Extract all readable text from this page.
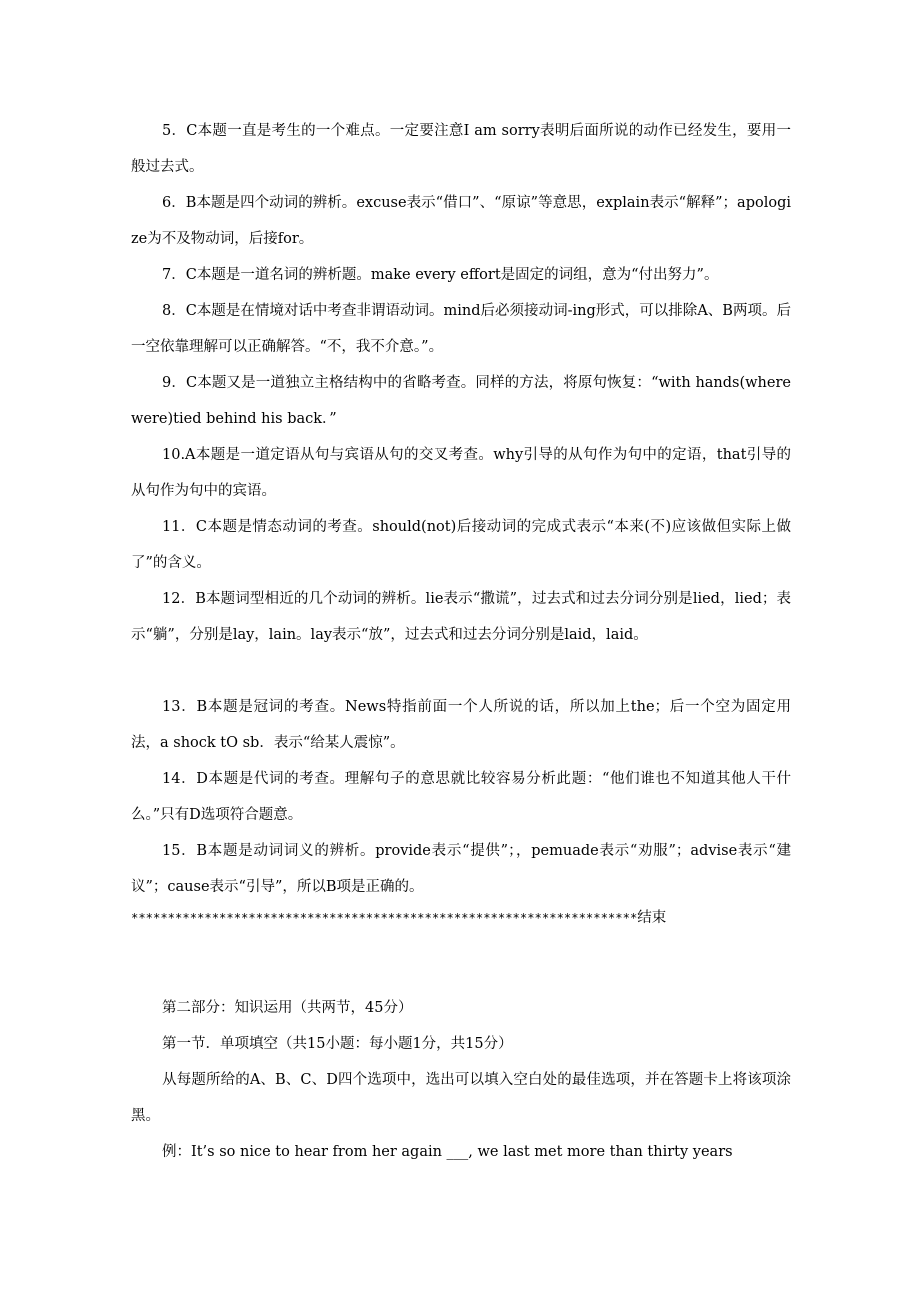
5．C本题一直是考生的一个难点。一定要注意I am sorry表明后面所说的动作已经发生，要用一般过去式。

6．B本题是四个动词的辨析。excuse表示“借口”、“原谅”等意思，explain表示“解释”；apologize为不及物动词，后接for。

7．C本题是一道名词的辨析题。make every effort是固定的词组，意为“付出努力”。

8．C本题是在情境对话中考查非谓语动词。mind后必须接动词-ing形式，可以排除A、B两项。后一空依靠理解可以正确解答。“不，我不介意。”。

9．C本题又是一道独立主格结构中的省略考查。同样的方法，将原句恢复：“with hands(where were)tied behind his back．”

10.A本题是一道定语从句与宾语从句的交叉考查。why引导的从句作为句中的定语，that引导的从句作为句中的宾语。

11．C本题是情态动词的考查。should(not)后接动词的完成式表示“本来(不)应该做但实际上做了”的含义。

12．B本题词型相近的几个动词的辨析。lie表示“撒谎”，过去式和过去分词分别是lied，lied；表示“躺”，分别是lay，lain。lay表示“放”，过去式和过去分词分别是laid，laid。

13．B本题是冠词的考查。News特指前面一个人所说的话，所以加上the；后一个空为固定用法，a shock tO sb．表示“给某人震惊”。

14．D本题是代词的考查。理解句子的意思就比较容易分析此题：“他们谁也不知道其他人干什么。”只有D选项符合题意。

15．B本题是动词词义的辨析。provide表示“提供”；，pemuade表示“劝服”；advise表示“建议”；cause表示“引导”，所以B项是正确的。

*********************************************************************结束

第二部分：知识运用（共两节，45分）

第一节．单项填空（共15小题：每小题1分，共15分）

从每题所给的A、B、C、D四个选项中，选出可以填入空白处的最佳选项，并在答题卡上将该项涂黑。

例：It’s so nice to hear from her again ___, we last met more than thirty years
